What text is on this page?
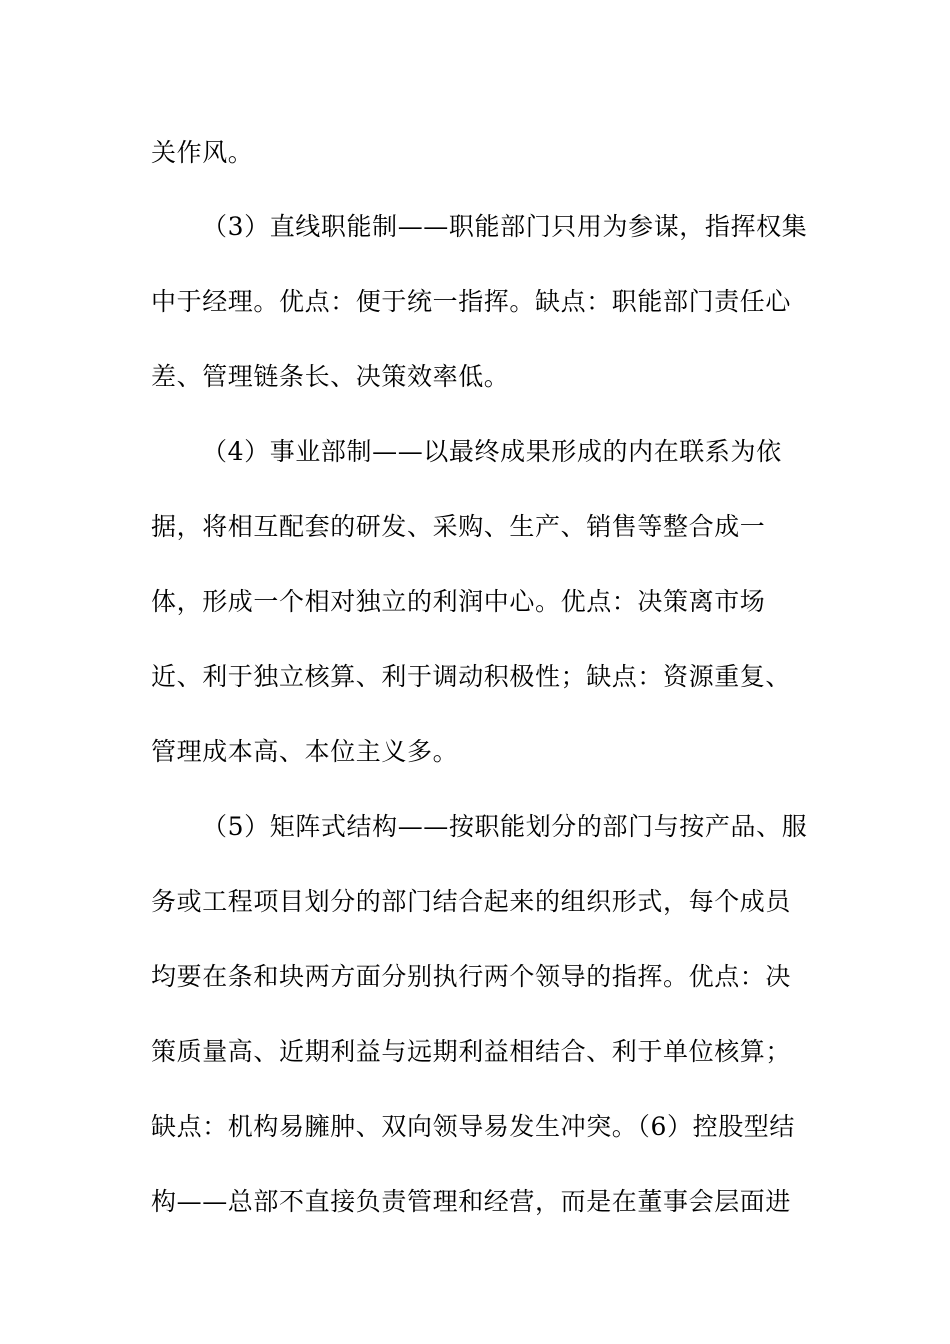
关作风。
（3）直线职能制——职能部门只用为参谋，指挥权集
中于经理。优点：便于统一指挥。缺点：职能部门责任心
差、管理链条长、决策效率低。
（4）事业部制——以最终成果形成的内在联系为依
据，将相互配套的研发、采购、生产、销售等整合成一
体，形成一个相对独立的利润中心。优点：决策离市场
近、利于独立核算、利于调动积极性；缺点：资源重复、
管理成本高、本位主义多。
（5）矩阵式结构——按职能划分的部门与按产品、服
务或工程项目划分的部门结合起来的组织形式，每个成员
均要在条和块两方面分别执行两个领导的指挥。优点：决
策质量高、近期利益与远期利益相结合、利于单位核算；
缺点：机构易臃肿、双向领导易发生冲突。（6）控股型结
构——总部不直接负责管理和经营，而是在董事会层面进
